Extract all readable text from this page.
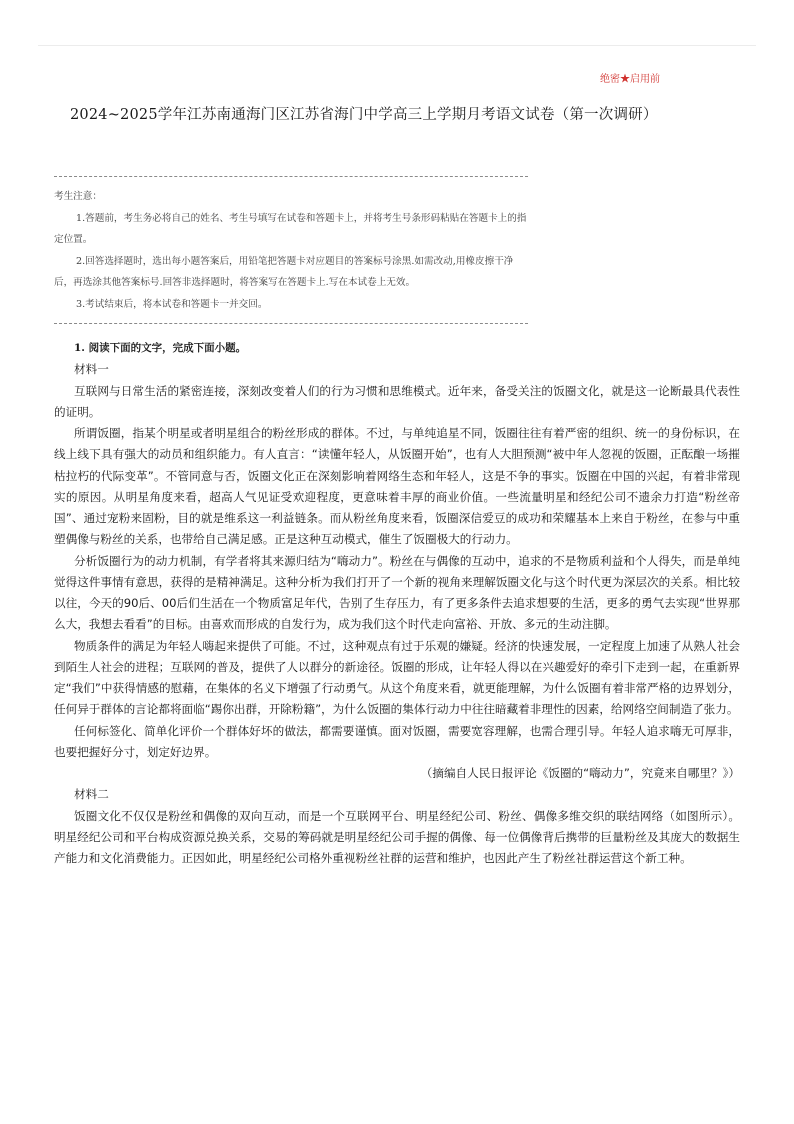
绝密★启用前
2024~2025学年江苏南通海门区江苏省海门中学高三上学期月考语文试卷（第一次调研）

考生注意：

1.答题前，考生务必将自己的姓名、考生号填写在试卷和答题卡上，并将考生号条形码粘贴在答题卡上的指定位置。

2.回答选择题时，选出每小题答案后，用铅笔把答题卡对应题目的答案标号涂黑.如需改动,用橡皮擦干净后，再选涂其他答案标号.回答非选择题时，将答案写在答题卡上.写在本试卷上无效。

3.考试结束后，将本试卷和答题卡一并交回。

1. 阅读下面的文字，完成下面小题。

材料一

互联网与日常生活的紧密连接，深刻改变着人们的行为习惯和思维模式。近年来，备受关注的饭圈文化，就是这一论断最具代表性的证明。

所谓饭圈，指某个明星或者明星组合的粉丝形成的群体。不过，与单纯追星不同，饭圈往往有着严密的组织、统一的身份标识，在线上线下具有强大的动员和组织能力。有人直言：“读懂年轻人，从饭圈开始”，也有人大胆预测“被中年人忽视的饭圈，正酝酿一场摧枯拉朽的代际变革”。不管同意与否，饭圈文化正在深刻影响着网络生态和年轻人，这是不争的事实。饭圈在中国的兴起，有着非常现实的原因。从明星角度来看，超高人气见证受欢迎程度，更意味着丰厚的商业价值。一些流量明星和经纪公司不遗余力打造“粉丝帝国”、通过宠粉来固粉，目的就是维系这一利益链条。而从粉丝角度来看，饭圈深信爱豆的成功和荣耀基本上来自于粉丝，在参与中重塑偶像与粉丝的关系，也带给自己满足感。正是这种互动模式，催生了饭圈极大的行动力。

分析饭圈行为的动力机制，有学者将其来源归结为“嗨动力”。粉丝在与偶像的互动中，追求的不是物质利益和个人得失，而是单纯觉得这件事情有意思，获得的是精神满足。这种分析为我们打开了一个新的视角来理解饭圈文化与这个时代更为深层次的关系。相比较以往，今天的90后、00后们生活在一个物质富足年代，告别了生存压力，有了更多条件去追求想要的生活，更多的勇气去实现“世界那么大，我想去看看”的目标。由喜欢而形成的自发行为，成为我们这个时代走向富裕、开放、多元的生动注脚。

物质条件的满足为年轻人嗨起来提供了可能。不过，这种观点有过于乐观的嫌疑。经济的快速发展，一定程度上加速了从熟人社会到陌生人社会的进程；互联网的普及，提供了人以群分的新途径。饭圈的形成，让年轻人得以在兴趣爱好的牵引下走到一起，在重新界定“我们”中获得情感的慰藉，在集体的名义下增强了行动勇气。从这个角度来看，就更能理解，为什么饭圈有着非常严格的边界划分，任何异于群体的言论都将面临“踢你出群，开除粉籍”，为什么饭圈的集体行动力中往往暗藏着非理性的因素，给网络空间制造了张力。

任何标签化、简单化评价一个群体好坏的做法，都需要谨慎。面对饭圈，需要宽容理解，也需合理引导。年轻人追求嗨无可厚非，也要把握好分寸，划定好边界。

（摘编自人民日报评论《饭圈的“嗨动力”，究竟来自哪里？》）

材料二

饭圈文化不仅仅是粉丝和偶像的双向互动，而是一个互联网平台、明星经纪公司、粉丝、偶像多维交织的联结网络（如图所示）。明星经纪公司和平台构成资源兑换关系，交易的筹码就是明星经纪公司手握的偶像、每一位偶像背后携带的巨量粉丝及其庞大的数据生产能力和文化消费能力。正因如此，明星经纪公司格外重视粉丝社群的运营和维护，也因此产生了粉丝社群运营这个新工种。
